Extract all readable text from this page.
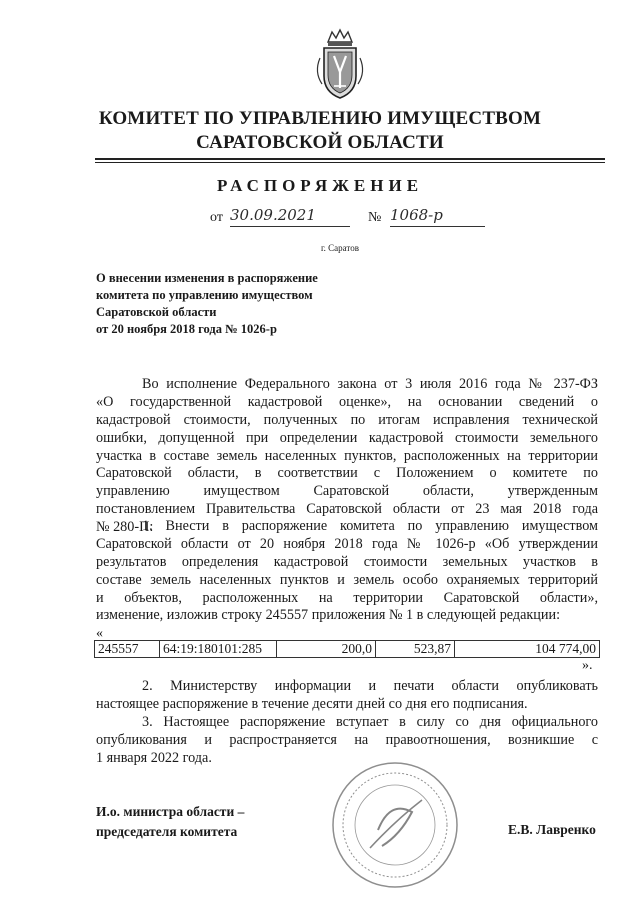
КОМИТЕТ ПО УПРАВЛЕНИЮ ИМУЩЕСТВОМ
САРАТОВСКОЙ ОБЛАСТИ
РАСПОРЯЖЕНИЕ
от 30.09.2021	№ 1068-р
г. Саратов
О внесении изменения в распоряжение
комитета по управлению имуществом
Саратовской области
от 20 ноября 2018 года № 1026-р
Во исполнение Федерального закона от 3 июля 2016 года № 237-ФЗ
«О государственной кадастровой оценке», на основании сведений о
кадастровой стоимости, полученных по итогам исправления технической
ошибки, допущенной при определении кадастровой стоимости земельного
участка в составе земель населенных пунктов, расположенных на территории
Саратовской области, в соответствии с Положением о комитете по
управлению имуществом Саратовской области, утвержденным
постановлением Правительства Саратовской области от 23 мая 2018 года
№ 280-П:
1. Внести в распоряжение комитета по управлению имуществом
Саратовской области от 20 ноября 2018 года № 1026-р «Об утверждении
результатов определения кадастровой стоимости земельных участков в
составе земель населенных пунктов и земель особо охраняемых территорий
и объектов, расположенных на территории Саратовской области»,
изменение, изложив строку 245557 приложения № 1 в следующей редакции:
«
245557	64:19:180101:285	200,0	523,87	104 774,00
».
2. Министерству информации и печати области опубликовать
настоящее распоряжение в течение десяти дней со дня его подписания.
3. Настоящее распоряжение вступает в силу со дня официального
опубликования и распространяется на правоотношения, возникшие с
1 января 2022 года.
И.о. министра области –
председателя комитета	Е.В. Лавренко
